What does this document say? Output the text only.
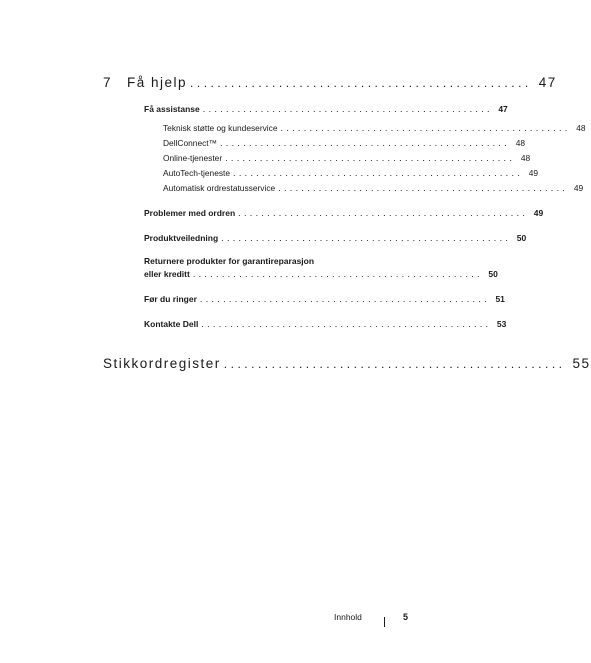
7	Få hjelp .................................................. 47
Få assistanse .................................................. 47
Teknisk støtte og kundeservice .................................................. 48
DellConnect™ .................................................. 48
Online-tjenester .................................................. 48
AutoTech-tjeneste .................................................. 49
Automatisk ordrestatusservice .................................................. 49
Problemer med ordren .................................................. 49
Produktveiledning .................................................. 50
Returnere produkter for garantireparasjon
eller kreditt .................................................. 50
Før du ringer .................................................. 51
Kontakte Dell .................................................. 53
Stikkordregister .................................................. 55
Innhold	5
